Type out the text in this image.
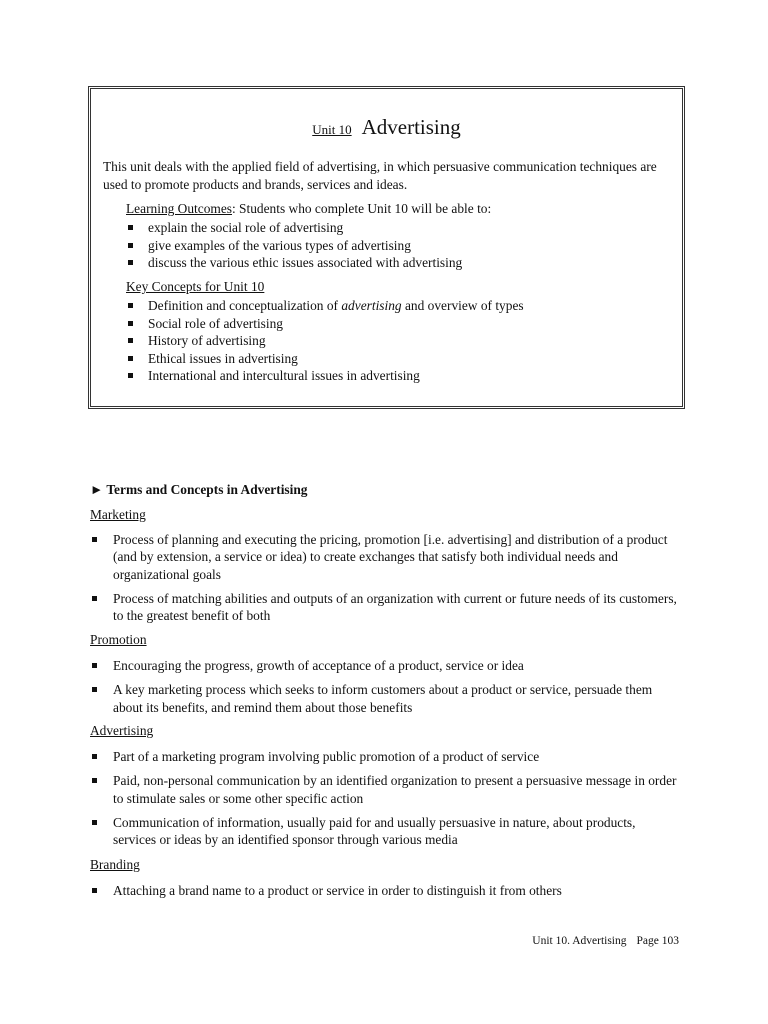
Unit 10 Advertising

This unit deals with the applied field of advertising, in which persuasive communication techniques are used to promote products and brands, services and ideas.

Learning Outcomes: Students who complete Unit 10 will be able to:

explain the social role of advertising
give examples of the various types of advertising
discuss the various ethic issues associated with advertising

Key Concepts for Unit 10

Definition and conceptualization of advertising and overview of types
Social role of advertising
History of advertising
Ethical issues in advertising
International and intercultural issues in advertising

► Terms and Concepts in Advertising

Marketing

Process of planning and executing the pricing, promotion [i.e. advertising] and distribution of a product (and by extension, a service or idea) to create exchanges that satisfy both individual needs and organizational goals
Process of matching abilities and outputs of an organization with current or future needs of its customers, to the greatest benefit of both

Promotion

Encouraging the progress, growth of acceptance of a product, service or idea
A key marketing process which seeks to inform customers about a product or service, persuade them about its benefits, and remind them about those benefits

Advertising

Part of a marketing program involving public promotion of a product of service
Paid, non-personal communication by an identified organization to present a persuasive message in order to stimulate sales or some other specific action
Communication of information, usually paid for and usually persuasive in nature, about products, services or ideas by an identified sponsor through various media

Branding

Attaching a brand name to a product or service in order to distinguish it from others
Unit 10. Advertising Page 103
